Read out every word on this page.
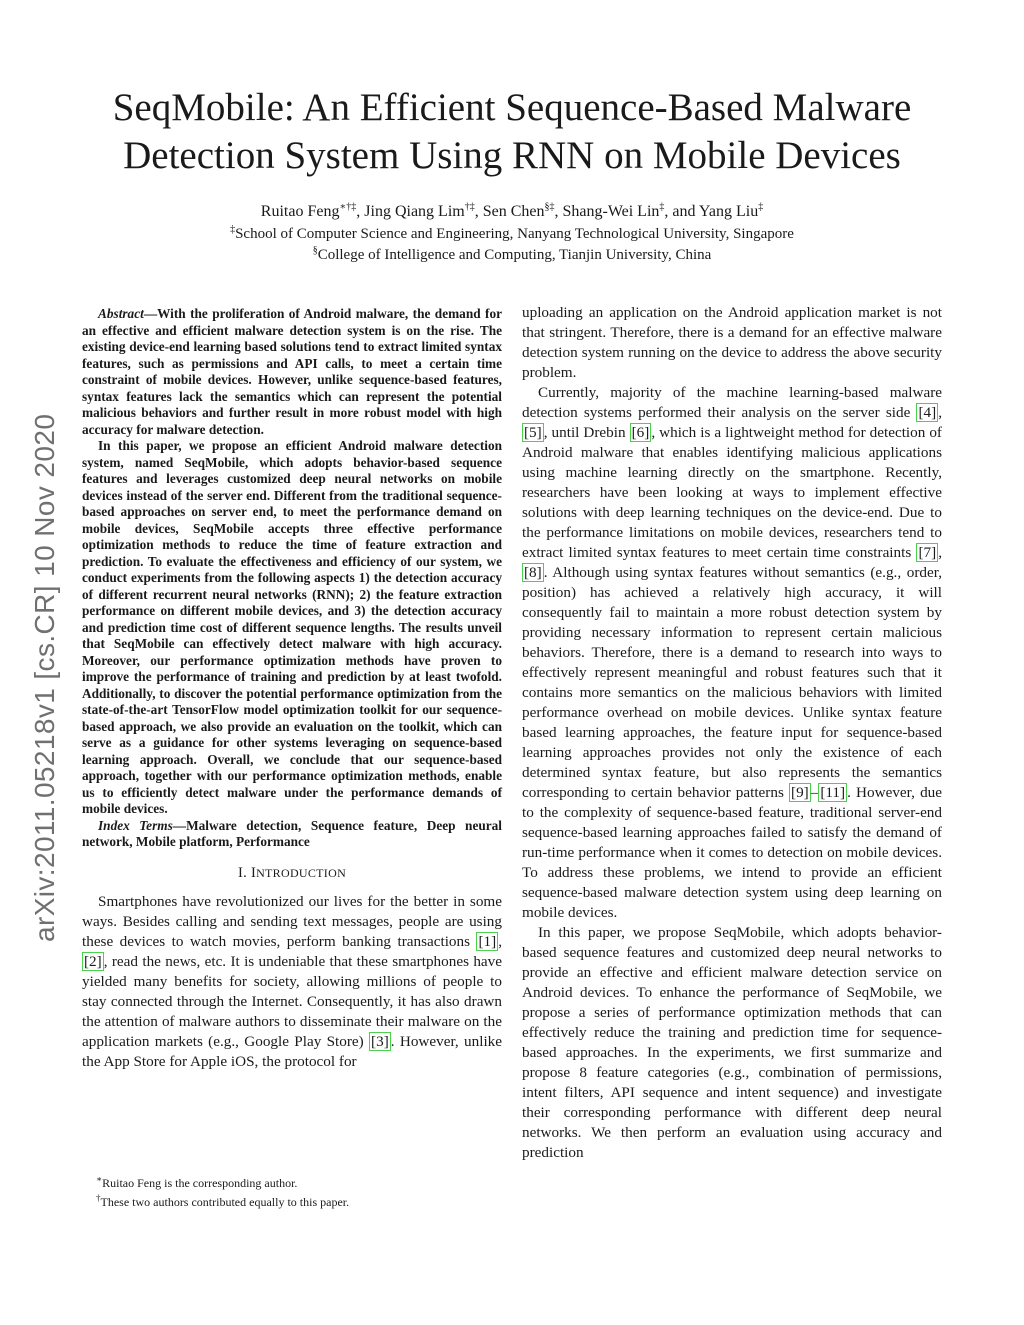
SeqMobile: An Efficient Sequence-Based Malware
Detection System Using RNN on Mobile Devices
Ruitao Feng∗†‡, Jing Qiang Lim†‡, Sen Chen§‡, Shang-Wei Lin‡, and Yang Liu‡
‡School of Computer Science and Engineering, Nanyang Technological University, Singapore
§College of Intelligence and Computing, Tianjin University, China
arXiv:2011.05218v1 [cs.CR] 10 Nov 2020

Abstract—With the proliferation of Android malware, the demand for an effective and efficient malware detection system is on the rise. The existing device-end learning based solutions tend to extract limited syntax features, such as permissions and API calls, to meet a certain time constraint of mobile devices. However, unlike sequence-based features, syntax features lack the semantics which can represent the potential malicious behaviors and further result in more robust model with high accuracy for malware detection.

In this paper, we propose an efficient Android malware detection system, named SeqMobile, which adopts behavior-based sequence features and leverages customized deep neural networks on mobile devices instead of the server end. Different from the traditional sequence-based approaches on server end, to meet the performance demand on mobile devices, SeqMobile accepts three effective performance optimization methods to reduce the time of feature extraction and prediction. To evaluate the effectiveness and efficiency of our system, we conduct experiments from the following aspects 1) the detection accuracy of different recurrent neural networks (RNN); 2) the feature extraction performance on different mobile devices, and 3) the detection accuracy and prediction time cost of different sequence lengths. The results unveil that SeqMobile can effectively detect malware with high accuracy. Moreover, our performance optimization methods have proven to improve the performance of training and prediction by at least twofold. Additionally, to discover the potential performance optimization from the state-of-the-art TensorFlow model optimization toolkit for our sequence-based approach, we also provide an evaluation on the toolkit, which can serve as a guidance for other systems leveraging on sequence-based learning approach. Overall, we conclude that our sequence-based approach, together with our performance optimization methods, enable us to efficiently detect malware under the performance demands of mobile devices.

Index Terms—Malware detection, Sequence feature, Deep neural network, Mobile platform, Performance

I. INTRODUCTION

Smartphones have revolutionized our lives for the better in some ways. Besides calling and sending text messages, people are using these devices to watch movies, perform banking transactions [1] , [2] , read the news, etc. It is undeniable that these smartphones have yielded many benefits for society, allowing millions of people to stay connected through the Internet. Consequently, it has also drawn the attention of malware authors to disseminate their malware on the application markets (e.g., Google Play Store) [3] . However, unlike the App Store for Apple iOS, the protocol for

∗Ruitao Feng is the corresponding author.
†These two authors contributed equally to this paper.

uploading an application on the Android application market is not that stringent. Therefore, there is a demand for an effective malware detection system running on the device to address the above security problem.

Currently, majority of the machine learning-based malware detection systems performed their analysis on the server side [4] , [5] , until Drebin [6] , which is a lightweight method for detection of Android malware that enables identifying malicious applications using machine learning directly on the smartphone. Recently, researchers have been looking at ways to implement effective solutions with deep learning techniques on the device-end. Due to the performance limitations on mobile devices, researchers tend to extract limited syntax features to meet certain time constraints [7] , [8] . Although using syntax features without semantics (e.g., order, position) has achieved a relatively high accuracy, it will consequently fail to maintain a more robust detection system by providing necessary information to represent certain malicious behaviors. Therefore, there is a demand to research into ways to effectively represent meaningful and robust features such that it contains more semantics on the malicious behaviors with limited performance overhead on mobile devices. Unlike syntax feature based learning approaches, the feature input for sequence-based learning approaches provides not only the existence of each determined syntax feature, but also represents the semantics corresponding to certain behavior patterns [9] – [11] . However, due to the complexity of sequence-based feature, traditional server-end sequence-based learning approaches failed to satisfy the demand of run-time performance when it comes to detection on mobile devices. To address these problems, we intend to provide an efficient sequence-based malware detection system using deep learning on mobile devices.

In this paper, we propose SeqMobile, which adopts behavior-based sequence features and customized deep neural networks to provide an effective and efficient malware detection service on Android devices. To enhance the performance of SeqMobile, we propose a series of performance optimization methods that can effectively reduce the training and prediction time for sequence-based approaches. In the experiments, we first summarize and propose 8 feature categories (e.g., combination of permissions, intent filters, API sequence and intent sequence) and investigate their corresponding performance with different deep neural networks. We then perform an evaluation using accuracy and prediction
